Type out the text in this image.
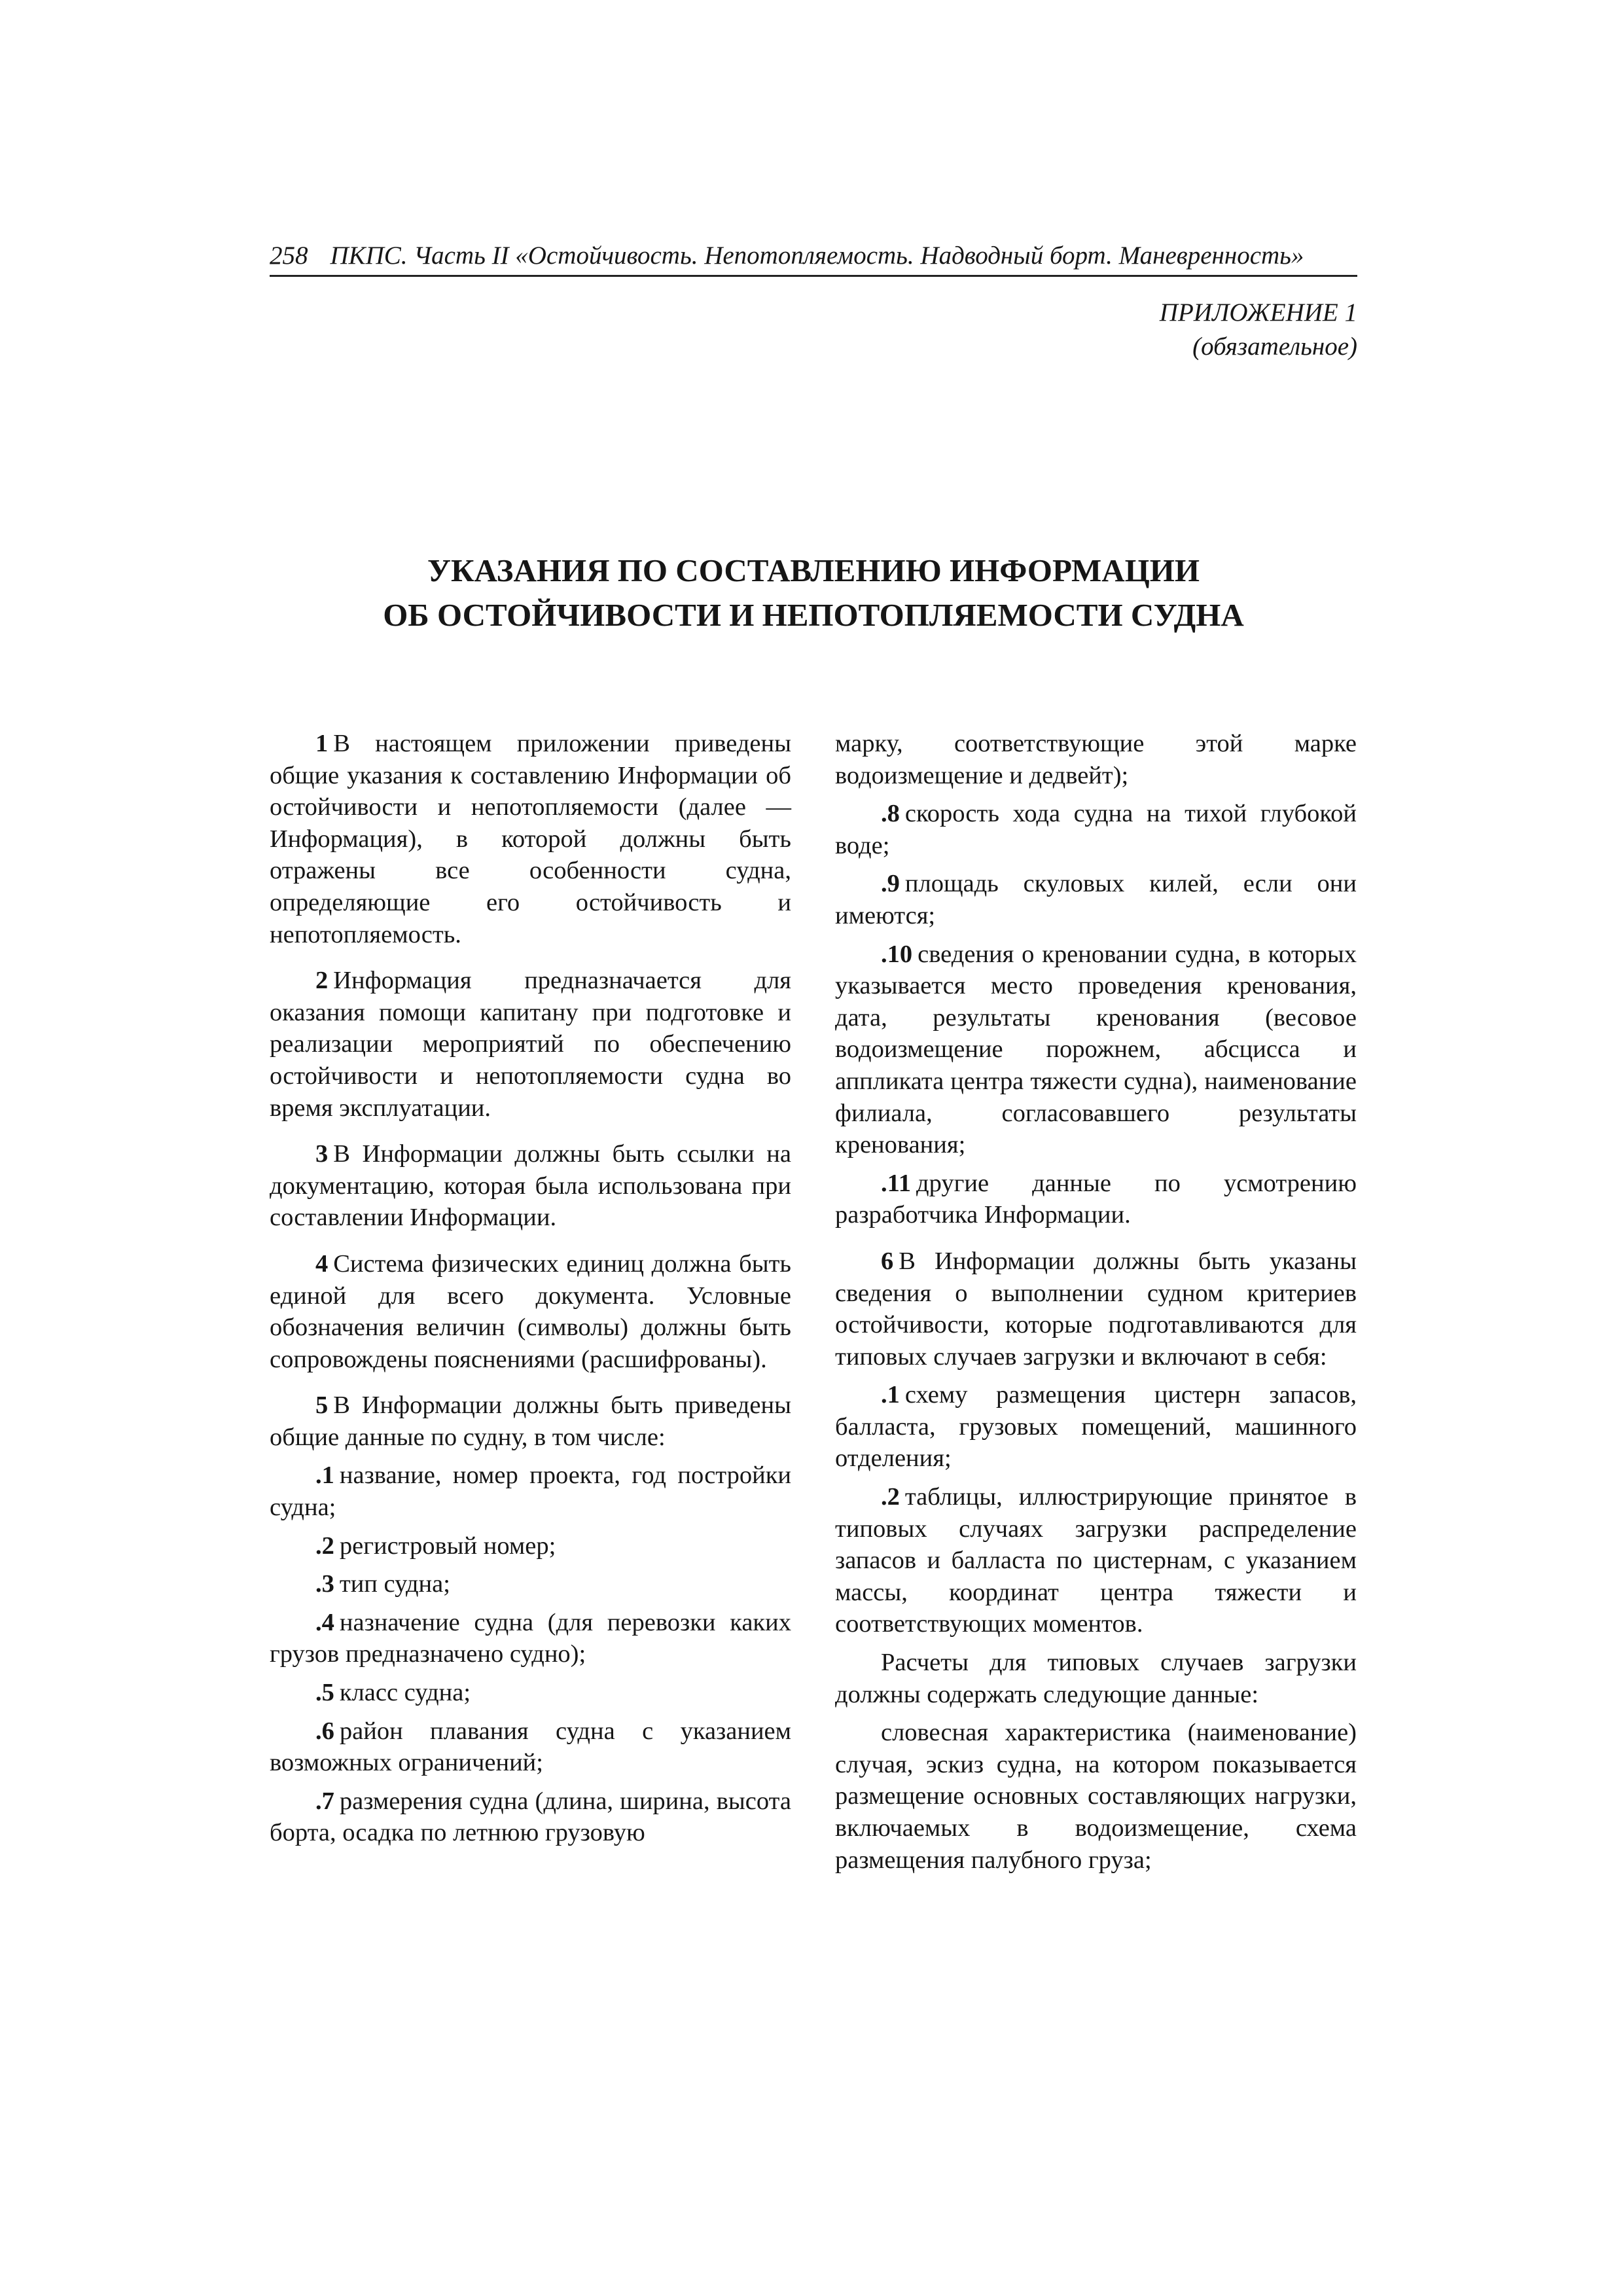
258 ПКПС. Часть II «Остойчивость. Непотопляемость. Надводный борт. Маневренность»
ПРИЛОЖЕНИЕ 1
(обязательное)
УКАЗАНИЯ ПО СОСТАВЛЕНИЮ ИНФОРМАЦИИ
ОБ ОСТОЙЧИВОСТИ И НЕПОТОПЛЯЕМОСТИ СУДНА

1 В настоящем приложении приведены общие указания к составлению Информации об остойчивости и непотопляемости (далее — Информация), в которой должны быть отражены все особенности судна, определяющие его остойчивость и непотопляемость.

2 Информация предназначается для оказания помощи капитану при подготовке и реализации мероприятий по обеспечению остойчивости и непотопляемости судна во время эксплуатации.

3 В Информации должны быть ссылки на документацию, которая была использована при составлении Информации.

4 Система физических единиц должна быть единой для всего документа. Условные обозначения величин (символы) должны быть сопровождены пояснениями (расшифрованы).

5 В Информации должны быть приведены общие данные по судну, в том числе:

.1 название, номер проекта, год постройки судна;

.2 регистровый номер;

.3 тип судна;

.4 назначение судна (для перевозки каких грузов предназначено судно);

.5 класс судна;

.6 район плавания судна с указанием возможных ограничений;

.7 размерения судна (длина, ширина, высота борта, осадка по летнюю грузовую

марку, соответствующие этой марке водоизмещение и дедвейт);

.8 скорость хода судна на тихой глубокой воде;

.9 площадь скуловых килей, если они имеются;

.10 сведения о креновании судна, в которых указывается место проведения кренования, дата, результаты кренования (весовое водоизмещение порожнем, абсцисса и аппликата центра тяжести судна), наименование филиала, согласовавшего результаты кренования;

.11 другие данные по усмотрению разработчика Информации.

6 В Информации должны быть указаны сведения о выполнении судном критериев остойчивости, которые подготавливаются для типовых случаев загрузки и включают в себя:

.1 схему размещения цистерн запасов, балласта, грузовых помещений, машинного отделения;

.2 таблицы, иллюстрирующие принятое в типовых случаях загрузки распределение запасов и балласта по цистернам, с указанием массы, координат центра тяжести и соответствующих моментов.

Расчеты для типовых случаев загрузки должны содержать следующие данные:

словесная характеристика (наименование) случая, эскиз судна, на котором показывается размещение основных составляющих нагрузки, включаемых в водоизмещение, схема размещения палубного груза;
